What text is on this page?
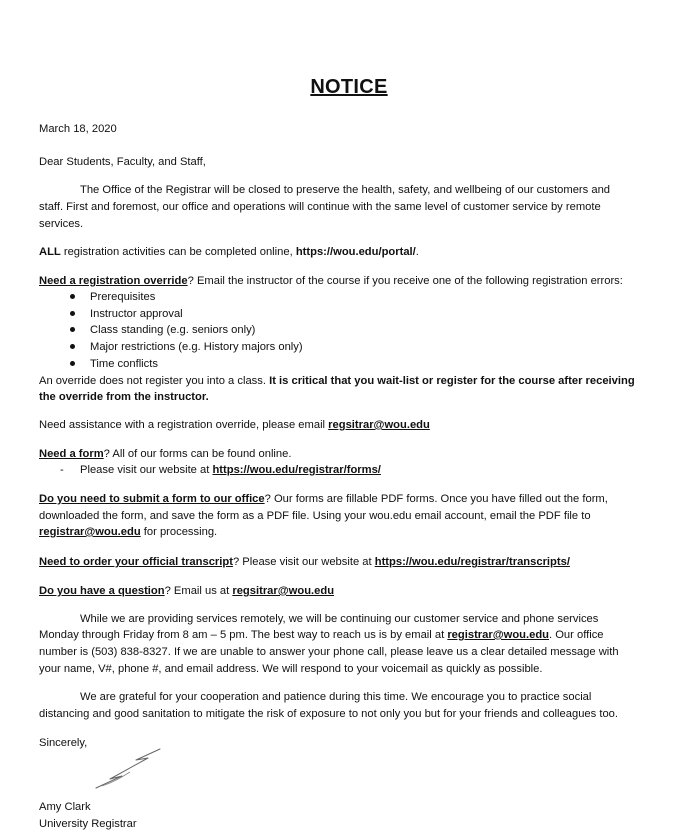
NOTICE
March 18, 2020
Dear Students, Faculty, and Staff,
The Office of the Registrar will be closed to preserve the health, safety, and wellbeing of our customers and
staff. First and foremost, our office and operations will continue with the same level of customer service by remote
services.
ALL registration activities can be completed online, https://wou.edu/portal/.
Need a registration override? Email the instructor of the course if you receive one of the following registration errors:
Prerequisites
Instructor approval
Class standing (e.g. seniors only)
Major restrictions (e.g. History majors only)
Time conflicts
An override does not register you into a class. It is critical that you wait-list or register for the course after receiving
the override from the instructor.
Need assistance with a registration override, please email regsitrar@wou.edu
Need a form? All of our forms can be found online.
- Please visit our website at https://wou.edu/registrar/forms/
Do you need to submit a form to our office? Our forms are fillable PDF forms. Once you have filled out the form,
downloaded the form, and save the form as a PDF file. Using your wou.edu email account, email the PDF file to
registrar@wou.edu for processing.
Need to order your official transcript? Please visit our website at https://wou.edu/registrar/transcripts/
Do you have a question? Email us at regsitrar@wou.edu
While we are providing services remotely, we will be continuing our customer service and phone services
Monday through Friday from 8 am – 5 pm. The best way to reach us is by email at registrar@wou.edu. Our office
number is (503) 838-8327. If we are unable to answer your phone call, please leave us a clear detailed message with
your name, V#, phone #, and email address. We will respond to your voicemail as quickly as possible.
We are grateful for your cooperation and patience during this time. We encourage you to practice social
distancing and good sanitation to mitigate the risk of exposure to not only you but for your friends and colleagues too.
Sincerely,
Amy Clark
University Registrar
